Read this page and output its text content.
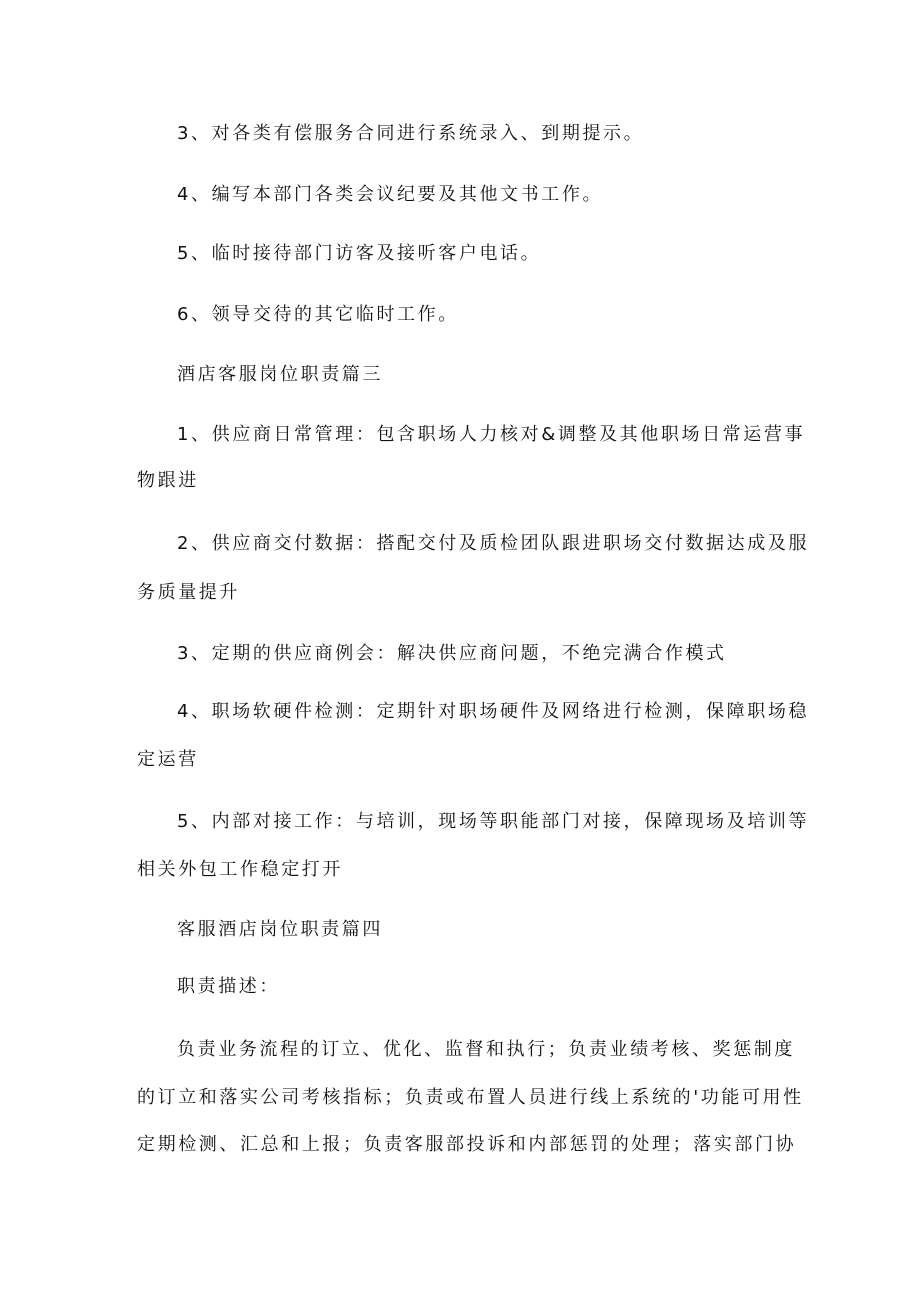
3、对各类有偿服务合同进行系统录入、到期提示。
4、编写本部门各类会议纪要及其他文书工作。
5、临时接待部门访客及接听客户电话。
6、领导交待的其它临时工作。
酒店客服岗位职责篇三
1、供应商日常管理：包含职场人力核对&调整及其他职场日常运营事
物跟进
2、供应商交付数据：搭配交付及质检团队跟进职场交付数据达成及服
务质量提升
3、定期的供应商例会：解决供应商问题，不绝完满合作模式
4、职场软硬件检测：定期针对职场硬件及网络进行检测，保障职场稳
定运营
5、内部对接工作：与培训，现场等职能部门对接，保障现场及培训等
相关外包工作稳定打开
客服酒店岗位职责篇四
职责描述：
负责业务流程的订立、优化、监督和执行；负责业绩考核、奖惩制度
的订立和落实公司考核指标；负责或布置人员进行线上系统的'功能可用性
定期检测、汇总和上报；负责客服部投诉和内部惩罚的处理；落实部门协
